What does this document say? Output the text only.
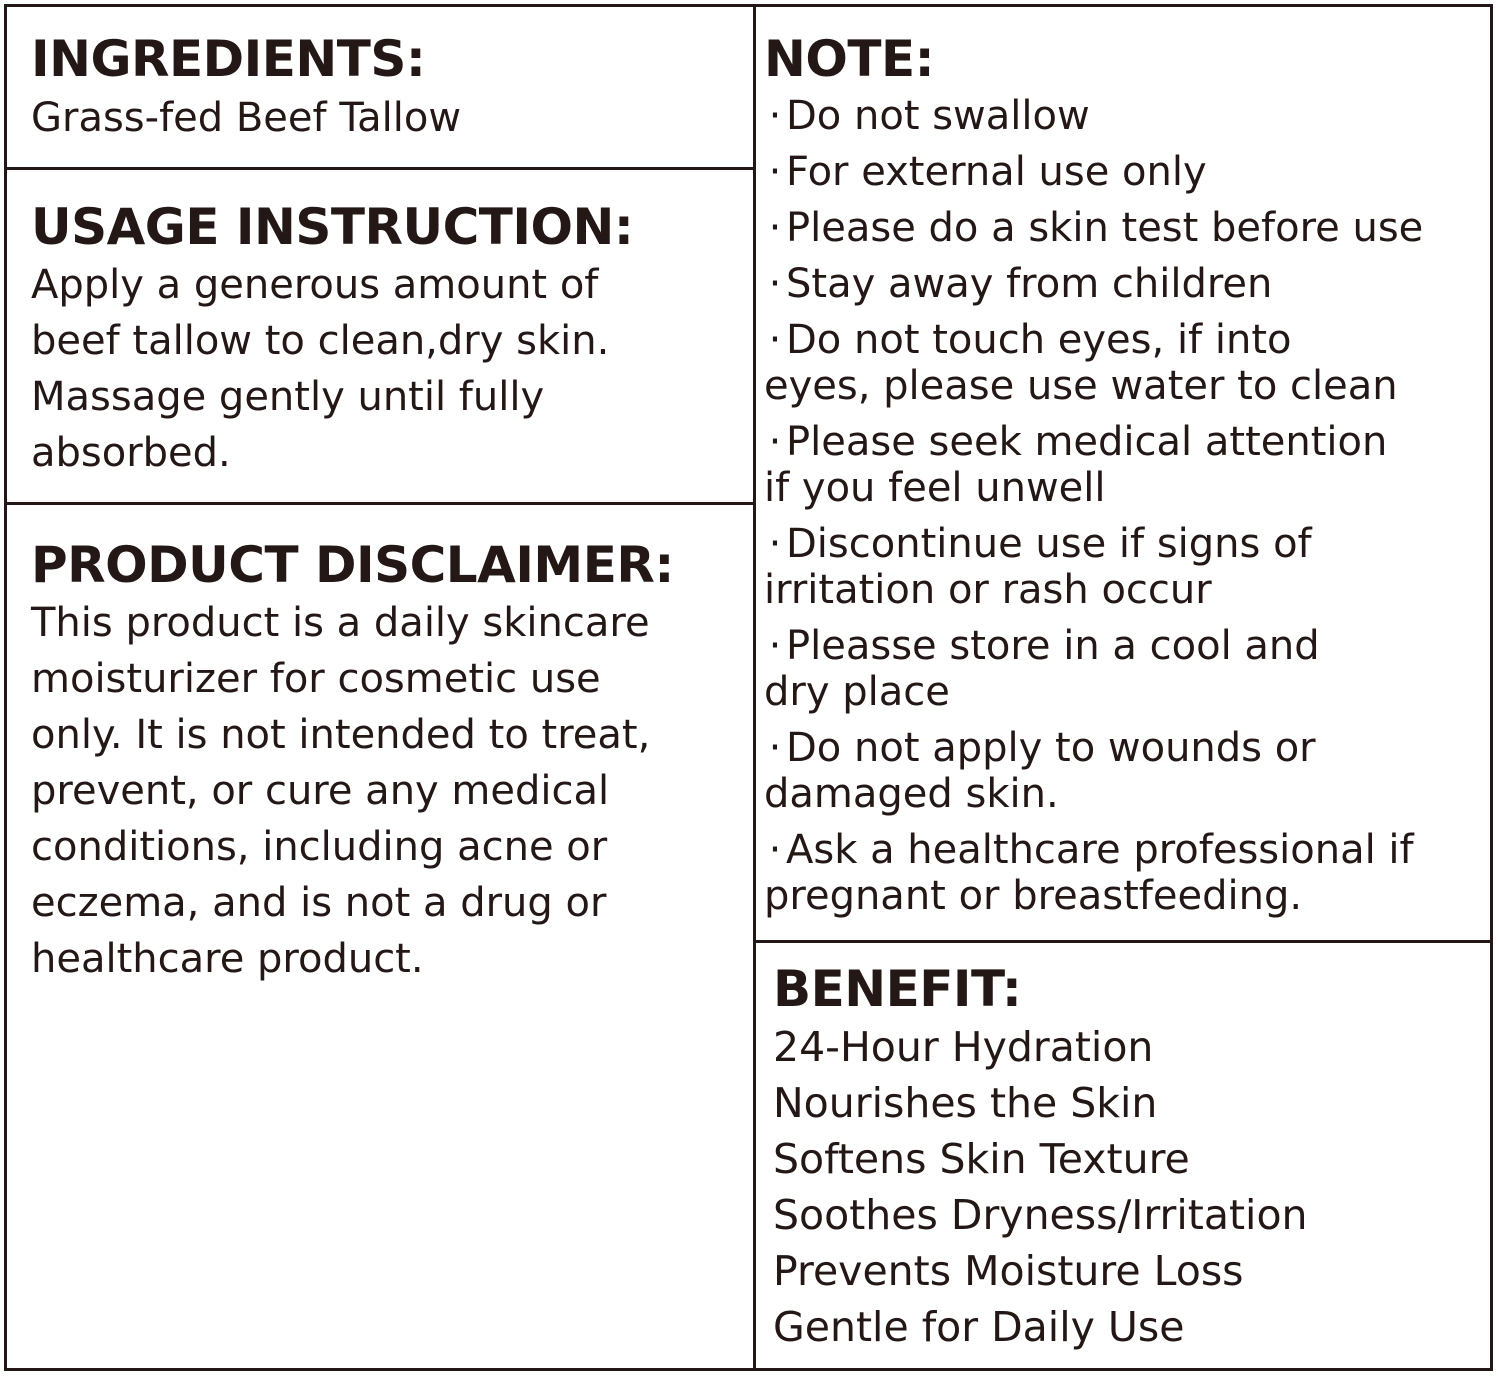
INGREDIENTS:

Grass-fed Beef Tallow

USAGE INSTRUCTION:

Apply a generous amount of
beef tallow to clean,dry skin.
Massage gently until fully
absorbed.

PRODUCT DISCLAIMER:

This product is a daily skincare
moisturizer for cosmetic use
only. It is not intended to treat,
prevent, or cure any medical
conditions, including acne or
eczema, and is not a drug or
healthcare product.

NOTE:
· Do not swallow
· For external use only
· Please do a skin test before use
· Stay away from children
· Do not touch eyes, if into
eyes, please use water to clean
· Please seek medical attention
if you feel unwell
· Discontinue use if signs of
irritation or rash occur
· Pleasse store in a cool and
dry place
· Do not apply to wounds or
damaged skin.
· Ask a healthcare professional if
pregnant or breastfeeding.
BENEFIT:
24-Hour Hydration
Nourishes the Skin
Softens Skin Texture
Soothes Dryness/Irritation
Prevents Moisture Loss
Gentle for Daily Use
